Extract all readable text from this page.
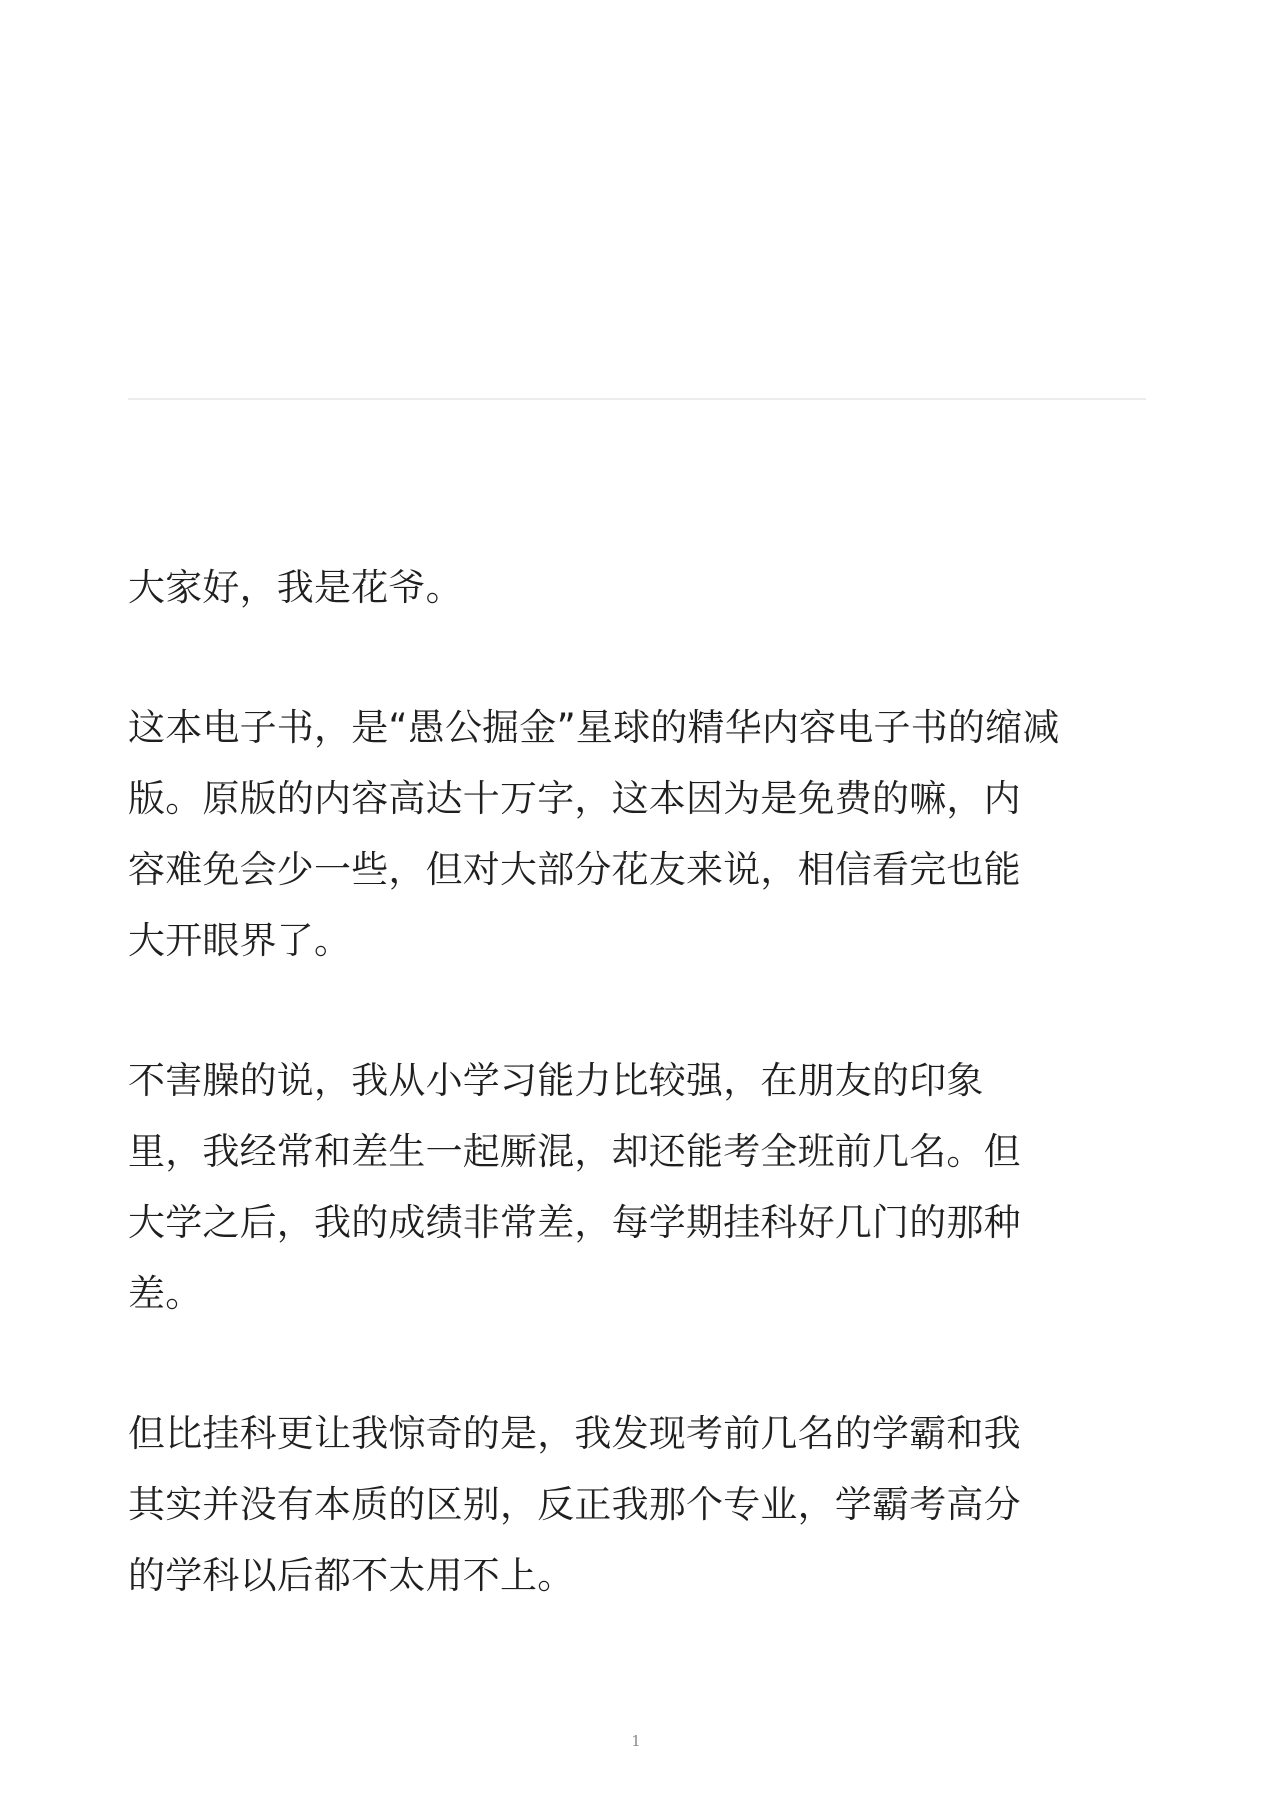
大家好，我是花爷。
这本电子书，是“愚公掘金”星球的精华内容电子书的缩减
版。原版的内容高达十万字，这本因为是免费的嘛，内
容难免会少一些，但对大部分花友来说，相信看完也能
大开眼界了。
不害臊的说，我从小学习能力比较强，在朋友的印象
里，我经常和差生一起厮混，却还能考全班前几名。但
大学之后，我的成绩非常差，每学期挂科好几门的那种
差。
但比挂科更让我惊奇的是，我发现考前几名的学霸和我
其实并没有本质的区别，反正我那个专业，学霸考高分
的学科以后都不太用不上。
1
